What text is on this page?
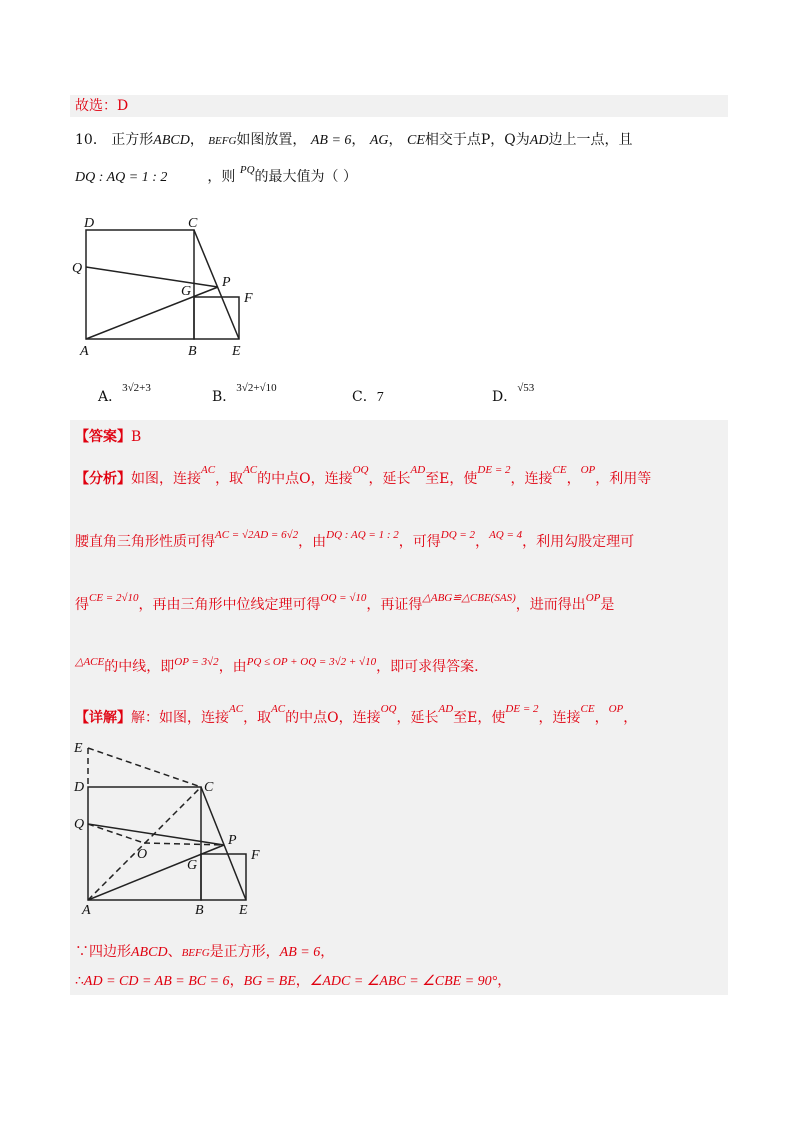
故选：D
10． 正方形ABCD， BEFG如图放置， AB = 6， AG， CE相交于点P，Q为AD边上一点，且
DQ : AQ = 1 : 2	，则 $^{PQ}$的最大值为（ ）
D	C
Q
P
G	F
A	B	E
A．$^{3√2+3}$
B．$^{3√2+√10}$
C．7	D．$^{√53}$
【答案】B
【分析】如图，连接$^{AC}$，取$^{AC}$的中点O，连接$^{OQ}$，延长$^{AD}$至E，使$^{DE = 2}$，连接$^{CE}$，$^{OP}$，利用等
腰直角三角形性质可得$^{AC = √2AD = 6√2}$，由$^{DQ : AQ = 1 : 2}$，可得$^{DQ = 2}$，$^{AQ = 4}$，利用勾股定理可
得$^{CE = 2√10}$，再由三角形中位线定理可得$^{OQ = √10}$，再证得$^{\triangle ABG≌\triangle CBE(SAS)}$，进而得出$^{OP}$是
$^{\triangle ACE}$的中线，即$^{OP = 3√2}$，由$^{PQ \le OP + OQ = 3√2 + √10}$，即可求得答案.
【详解】解：如图，连接$^{AC}$，取$^{AC}$的中点O，连接$^{OQ}$，延长$^{AD}$至E，使$^{DE = 2}$，连接$^{CE}$，$^{OP}$，
E
D	C
Q
O
P
G
F
A	B	E
∵四边形ABCD、BEFG是正方形，AB = 6，
∴AD = CD = AB = BC = 6，BG = BE，∠ADC = ∠ABC = ∠CBE = 90°，
